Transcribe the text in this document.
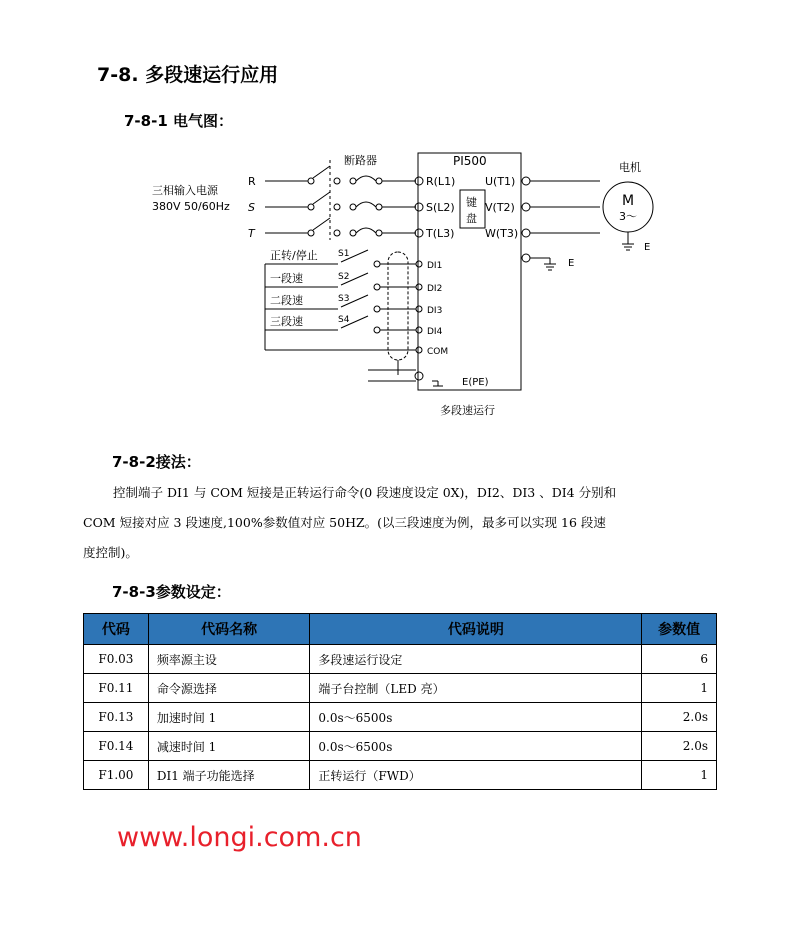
7-8. 多段速运行应用
7-8-1 电气图：
三相输入电源
380V 50/60Hz
R
S
T
断路器	PI500
R(L1)
S(L2)
T(L3)
U(T1)
V(T2)
W(T3)
键
盘
电机
M
3～
E
E
E(PE)
S1
S2
S3
S4
正转/停止
一段速
二段速
三段速
DI1
DI2
DI3
DI4
COM
多段速运行
7-8-2接法：

控制端子 DI1 与 COM 短接是正转运行命令(0 段速度设定 0X)，DI2、DI3 、DI4 分别和

COM 短接对应 3 段速度,100%参数值对应 50HZ。(以三段速度为例，最多可以实现 16 段速

度控制)。

7-8-3参数设定：
代码	代码名称	代码说明	参数值
F0.03	频率源主设	多段速运行设定	6
F0.11	命令源选择	端子台控制（LED 亮）	1
F0.13	加速时间 1	0.0s～6500s	2.0s
F0.14	减速时间 1	0.0s～6500s	2.0s
F1.00	DI1 端子功能选择	正转运行（FWD）	1
www.longi.com.cn
